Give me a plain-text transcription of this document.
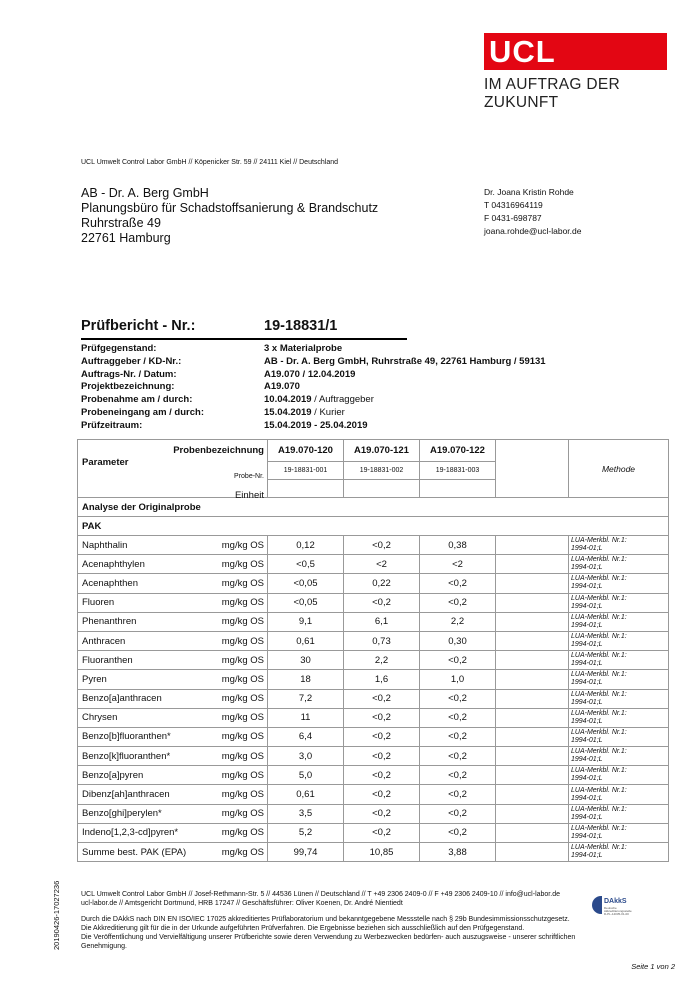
UCL
IM AUFTRAG DER ZUKUNFT
UCL Umwelt Control Labor GmbH // Köpenicker Str. 59 // 24111 Kiel // Deutschland
AB - Dr. A. Berg GmbH
Planungsbüro für Schadstoffsanierung & Brandschutz
Ruhrstraße 49
22761 Hamburg
Dr. Joana Kristin Rohde
T 04316964119
F 0431-698787
joana.rohde@ucl-labor.de
Prüfbericht - Nr.:	19-18831/1
Prüfgegenstand:	3 x Materialprobe
Auftraggeber / KD-Nr.:	AB - Dr. A. Berg GmbH, Ruhrstraße 49, 22761 Hamburg / 59131
Auftrags-Nr. / Datum:	A19.070 / 12.04.2019
Projektbezeichnung:	A19.070
Probenahme am / durch:	10.04.2019 / Auftraggeber
Probeneingang am / durch:	15.04.2019 / Kurier
Prüfzeitraum:	15.04.2019 - 25.04.2019
Probenbezeichnung
Parameter
Probe-Nr.
Einheit		A19.070-120	A19.070-121	A19.070-122		Methode
		19-18831-001	19-18831-002	19-18831-003		

Analyse der Originalprobe						
PAK						
Naphthalin	mg/kg OS	0,12	<0,2	0,38		LUA-Merkbl. Nr.1:
1994-01;L

Acenaphthylen	mg/kg OS	<0,5	<2	<2		LUA-Merkbl. Nr.1:
1994-01;L

Acenaphthen	mg/kg OS	<0,05	0,22	<0,2		LUA-Merkbl. Nr.1:
1994-01;L

Fluoren	mg/kg OS	<0,05	<0,2	<0,2		LUA-Merkbl. Nr.1:
1994-01;L

Phenanthren	mg/kg OS	9,1	6,1	2,2		LUA-Merkbl. Nr.1:
1994-01;L

Anthracen	mg/kg OS	0,61	0,73	0,30		LUA-Merkbl. Nr.1:
1994-01;L

Fluoranthen	mg/kg OS	30	2,2	<0,2		LUA-Merkbl. Nr.1:
1994-01;L

Pyren	mg/kg OS	18	1,6	1,0		LUA-Merkbl. Nr.1:
1994-01;L

Benzo[a]anthracen	mg/kg OS	7,2	<0,2	<0,2		LUA-Merkbl. Nr.1:
1994-01;L

Chrysen	mg/kg OS	11	<0,2	<0,2		LUA-Merkbl. Nr.1:
1994-01;L

Benzo[b]fluoranthen*	mg/kg OS	6,4	<0,2	<0,2		LUA-Merkbl. Nr.1:
1994-01;L

Benzo[k]fluoranthen*	mg/kg OS	3,0	<0,2	<0,2		LUA-Merkbl. Nr.1:
1994-01;L

Benzo[a]pyren	mg/kg OS	5,0	<0,2	<0,2		LUA-Merkbl. Nr.1:
1994-01;L

Dibenz[ah]anthracen	mg/kg OS	0,61	<0,2	<0,2		LUA-Merkbl. Nr.1:
1994-01;L

Benzo[ghi]perylen*	mg/kg OS	3,5	<0,2	<0,2		LUA-Merkbl. Nr.1:
1994-01;L

Indeno[1,2,3-cd]pyren*	mg/kg OS	5,2	<0,2	<0,2		LUA-Merkbl. Nr.1:
1994-01;L

Summe best. PAK (EPA)	mg/kg OS	99,74	10,85	3,88		LUA-Merkbl. Nr.1:
1994-01;L

UCL Umwelt Control Labor GmbH // Josef-Rethmann-Str. 5 // 44536 Lünen // Deutschland // T +49 2306 2409-0 // F +49 2306 2409-10 // info@ucl-labor.de
ucl-labor.de // Amtsgericht Dortmund, HRB 17247 // Geschäftsführer: Oliver Koenen, Dr. André Nientiedt

Durch die DAkkS nach DIN EN ISO/IEC 17025 akkreditiertes Prüflaboratorium und bekanntgegebene Messstelle nach § 29b Bundesimmissionsschutzgesetz.
Die Akkreditierung gilt für die in der Urkunde aufgeführten Prüfverfahren. Die Ergebnisse beziehen sich ausschließlich auf den Prüfgegenstand.
Die Veröffentlichung und Vervielfältigung unserer Prüfberichte sowie deren Verwendung zu Werbezwecken bedürfen- auch auszugsweise - unserer schriftlichen Genehmigung.

DAkkS
Deutsche Akkreditierungsstelle D-PL-14035-01-00
20190426-17027236
Seite 1 von 2
